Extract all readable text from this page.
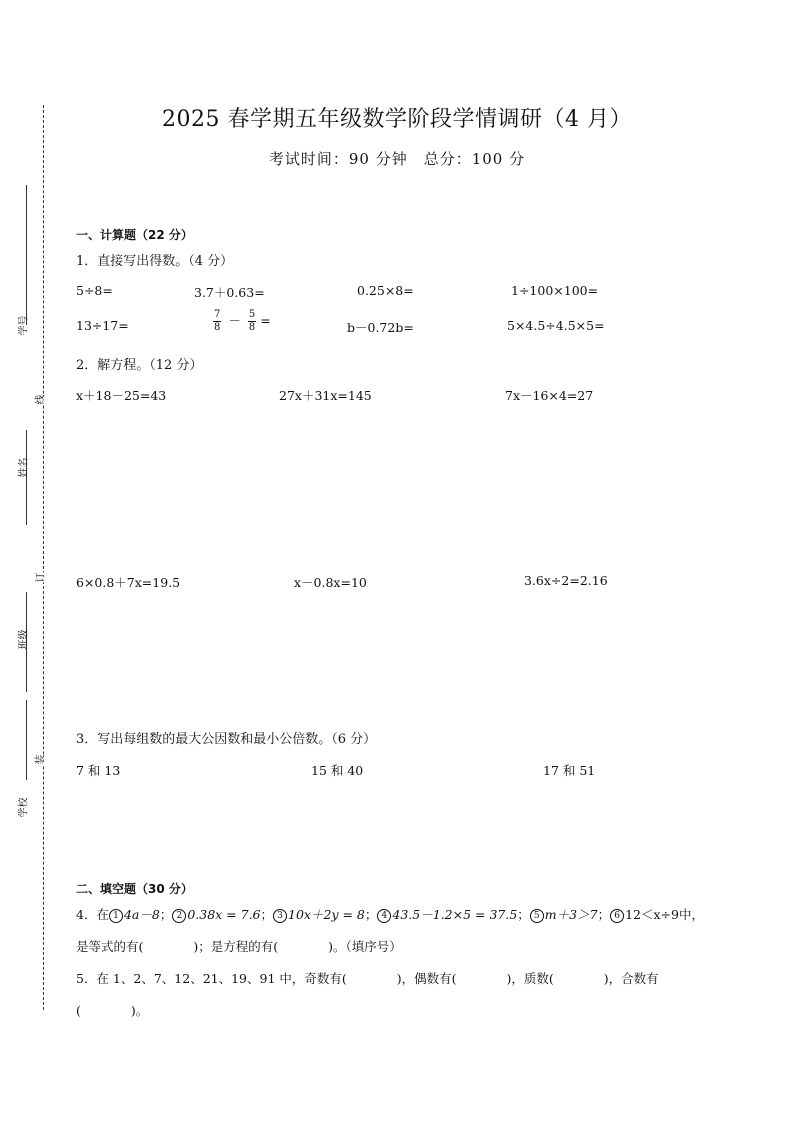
学号
姓名
班级
学校
线
订
装
2025 春学期五年级数学阶段学情调研（4 月）
考试时间：90 分钟　总分：100 分
一、计算题（22 分）
1．直接写出得数。（4 分）
5÷8=	3.7＋0.63=	0.25×8=	1÷100×100=
13÷17=	$\frac{7}{8} - \frac{5}{8}$ =	b－0.72b=	5×4.5÷4.5×5=
2．解方程。（12 分）
x＋18－25=43	27x＋31x=145	7x－16×4=27
6×0.8＋7x=19.5	x－0.8x=10	3.6x÷2=2.16
3．写出每组数的最大公因数和最小公倍数。（6 分）
7 和 13	15 和 40	17 和 51
二、填空题（30 分）
4．在 1 4a－8； 2 0.38x = 7.6； 3 10x＋2y = 8； 4 43.5－1.2×5 = 37.5； 5 m＋3＞7； 6 12＜x÷9中，
是等式的有(　　　　)；是方程的有(　　　　)。（填序号）
5．在 1、2、7、12、21、19、91 中，奇数有(　　　　)，偶数有(　　　　)，质数(　　　　)，合数有
(　　　　)。
